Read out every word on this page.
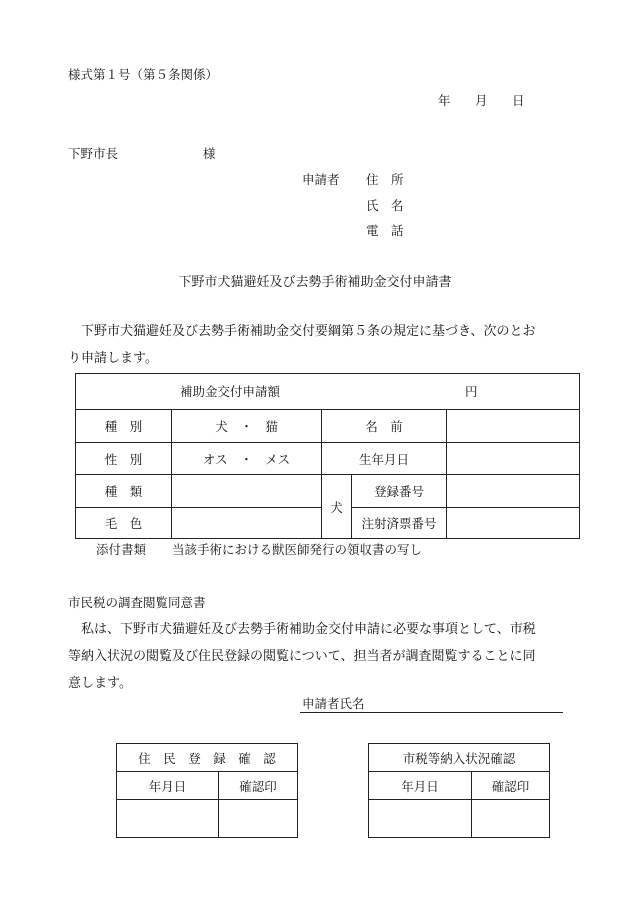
様式第１号（第５条関係）
年 月 日
下野市長	様
申請者 住　所
氏　名
電　話
下野市犬猫避妊及び去勢手術補助金交付申請書
下野市犬猫避妊及び去勢手術補助金交付要綱第５条の規定に基づき、次のとお
り申請します。
補助金交付申請額 円				

種　別	犬　・　猫	名　前		
性　別	オス　・　メス	生年月日		
種　類		犬	登録番号	
毛　色			注射済票番号	
添付書類 当該手術における獣医師発行の領収書の写し
市民税の調査閲覧同意書
私は、下野市犬猫避妊及び去勢手術補助金交付申請に必要な事項として、市税
等納入状況の閲覧及び住民登録の閲覧について、担当者が調査閲覧することに同
意します。
申請者氏名
住　民　登　録　確　認	
年月日	確認印

市税等納入状況確認	
年月日	確認印
